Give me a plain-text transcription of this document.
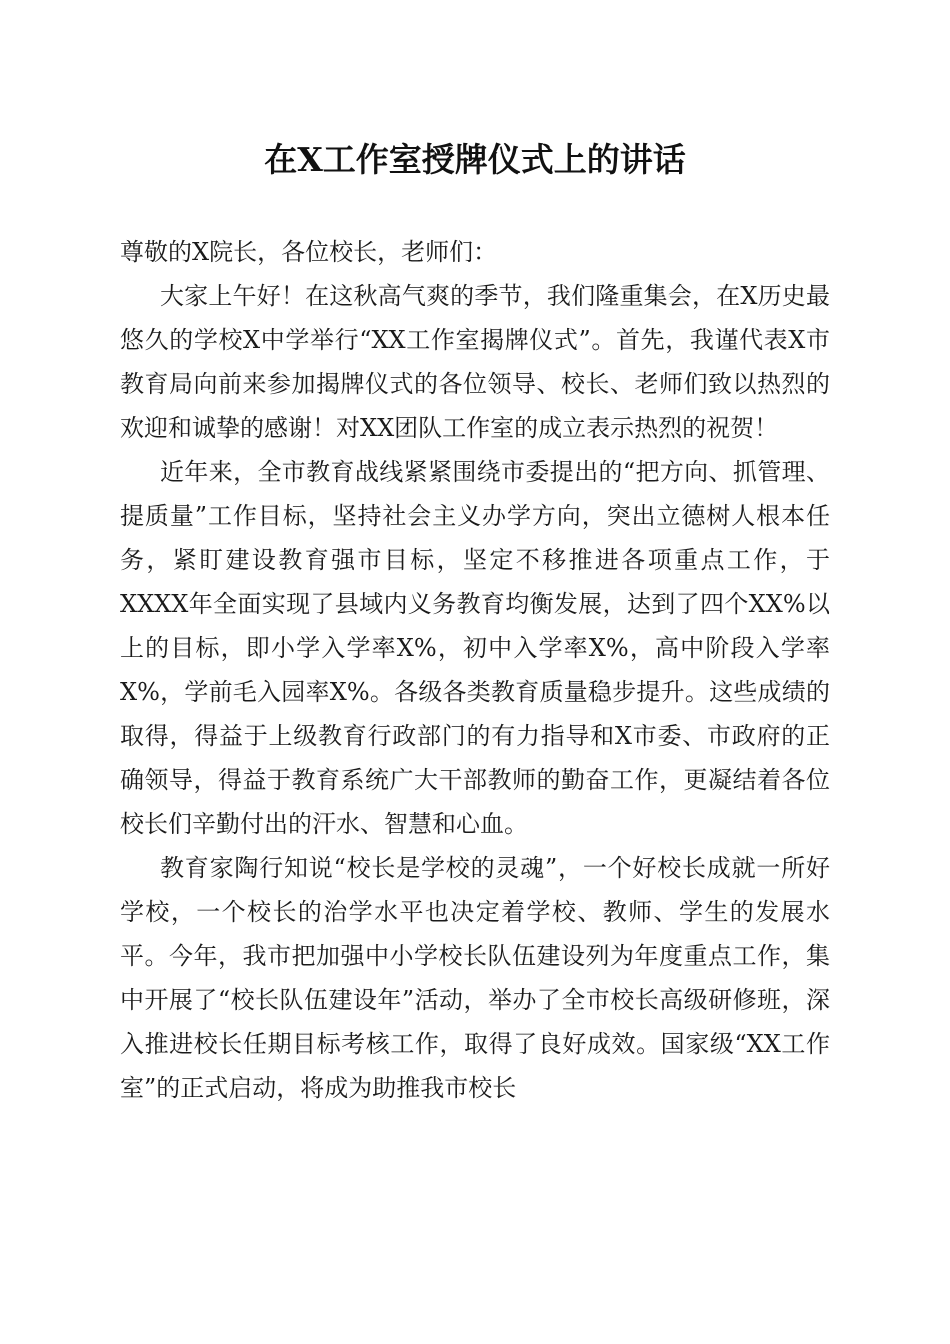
在X工作室授牌仪式上的讲话

尊敬的X院长，各位校长，老师们：

大家上午好！在这秋高气爽的季节，我们隆重集会，在X历史最悠久的学校X中学举行“XX工作室揭牌仪式”。首先，我谨代表X市教育局向前来参加揭牌仪式的各位领导、校长、老师们致以热烈的欢迎和诚挚的感谢！对XX团队工作室的成立表示热烈的祝贺！

近年来，全市教育战线紧紧围绕市委提出的“把方向、抓管理、提质量”工作目标，坚持社会主义办学方向，突出立德树人根本任务，紧盯建设教育强市目标，坚定不移推进各项重点工作，于XXXX年全面实现了县域内义务教育均衡发展，达到了四个XX%以上的目标，即小学入学率X%，初中入学率X%，高中阶段入学率X%，学前毛入园率X%。各级各类教育质量稳步提升。这些成绩的取得，得益于上级教育行政部门的有力指导和X市委、市政府的正确领导，得益于教育系统广大干部教师的勤奋工作，更凝结着各位校长们辛勤付出的汗水、智慧和心血。

教育家陶行知说“校长是学校的灵魂”，一个好校长成就一所好学校，一个校长的治学水平也决定着学校、教师、学生的发展水平。今年，我市把加强中小学校长队伍建设列为年度重点工作，集中开展了“校长队伍建设年”活动，举办了全市校长高级研修班，深入推进校长任期目标考核工作，取得了良好成效。国家级“XX工作室”的正式启动，将成为助推我市校长
